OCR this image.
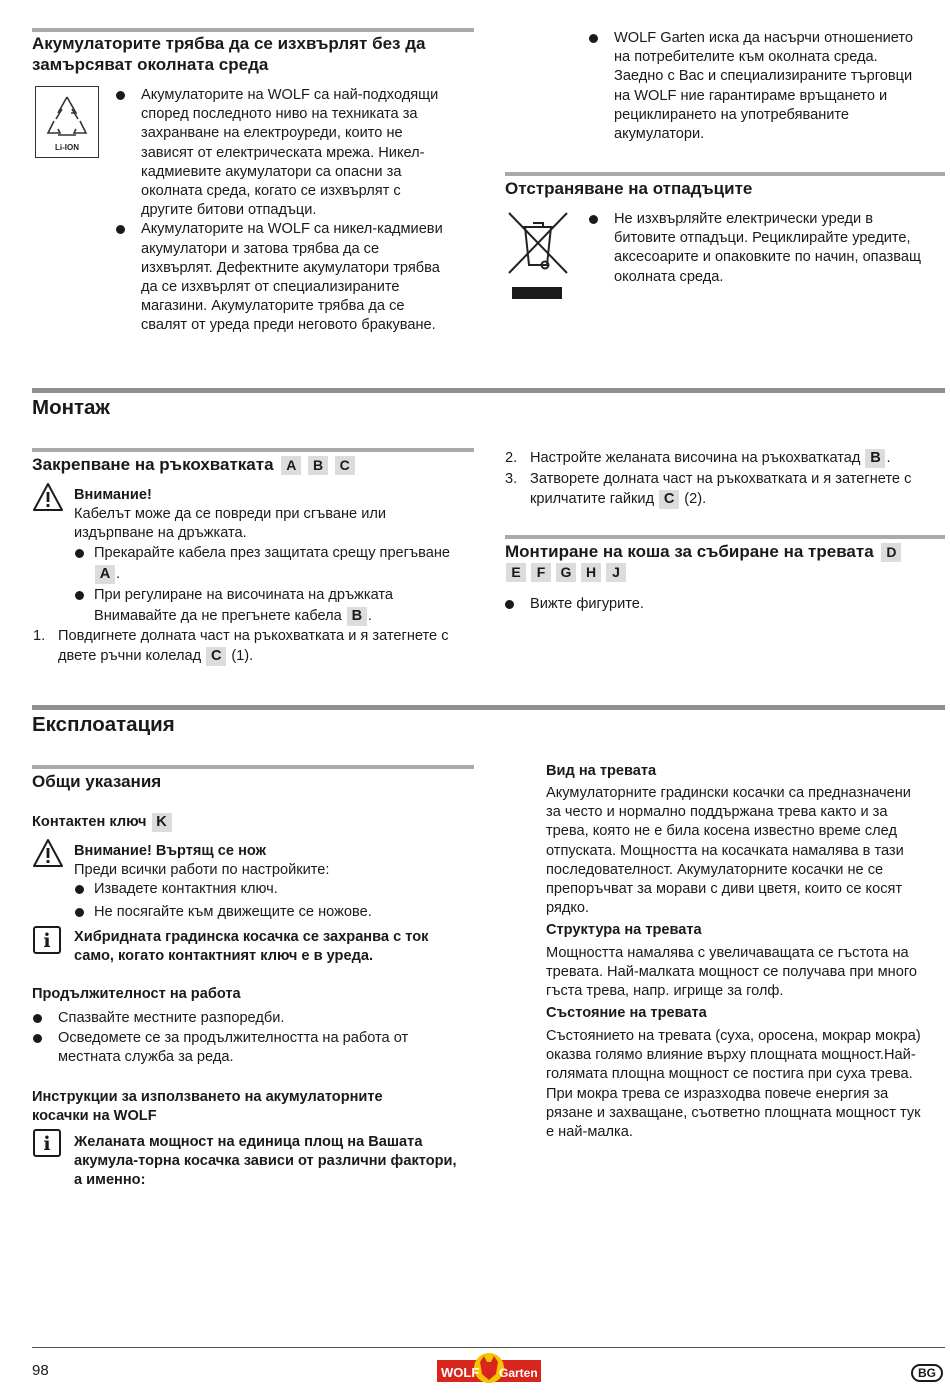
Акумулаторите трябва да се изхвърлят без да
замърсяват околната среда
Li-ION
Акумулаторите на WOLF са най-подходящи
според последното ниво на техниката за
захранване на електроуреди, които не
зависят от електрическата мрежа. Никел-
кадмиевите акумулатори са опасни за
околната среда, когато се изхвърлят с
другите битови отпадъци.
Акумулаторите на WOLF са никел-кадмиеви
акумулатори и затова трябва да се
изхвърлят. Дефектните акумулатори трябва
да се изхвърлят от специализираните
магазини. Акумулаторите трябва да се
свалят от уреда преди неговото бракуване.
WOLF Garten иска да насърчи отношението
на потребителите към околната среда.
Заедно с Вас и специализираните търговци
на WOLF ние гарантираме връщането и
рециклирането на употребяваните
акумулатори.
Отстраняване на отпадъците
Не изхвърляйте електрически уреди в
битовите отпадъци. Рециклирайте уредите,
аксесоарите и опаковките по начин, опазващ
околната среда.
Монтаж
Закрепване на ръкохватката A B C
Внимание!
Кабелът може да се повреди при сгъване или
издърпване на дръжката.
Прекарайте кабела през защитата срещу прегъване
A .
При регулиране на височината на дръжката
Внимавайте да не прегънете кабела B .
1. Повдигнете долната част на ръкохватката и я затегнете с
двете ръчни колелад C (1).
2. Настройте желаната височина на ръкохваткатад B .
3. Затворете долната част на ръкохватката и я затегнете с
крилчатите гайкид C (2).
Монтиране на коша за събиране на тревата D
E F G H J
Вижте фигурите.
Експлоатация
Общи указания
Контактен ключ K
Внимание! Въртящ се нож
Преди всички работи по настройките:
Извадете контактния ключ.
Не посягайте към движещите се ножове.
i	Хибридната градинска косачка се захранва с ток
само, когато контактният ключ е в уреда.
Продължителност на работа
Спазвайте местните разпоредби.
Осведомете се за продължителността на работа от
местната служба за реда.
Инструкции за използването на акумулаторните
косачки на WOLF
i	Желаната мощност на единица площ на Вашата
акумула-торна косачка зависи от различни фактори,
а именно:
Вид на тревата
Акумулаторните градински косачки са предназначени
за често и нормално поддържана трева както и за
трева, която не е била косена известно време след
отпуската. Мощността на косачката намалява в тази
последователност. Акумулаторните косачки не се
препоръчват за морави с диви цветя, които се косят
рядко.
Структура на тревата
Мощността намалява с увеличаващата се гъстота на
тревата. Най-малката мощност се получава при много
гъста трева, напр. игрище за голф.
Състояние на тревата
Състоянието на тревата (суха, оросена, мокрар мокра)
оказва голямо влияние върху площната мощност.Най-
голямата площна мощност се постига при суха трева.
При мокра трева се изразходва повече енергия за
рязане и захващане, съответно площната мощност тук
е най-малка.
98	WOLF Garten	BG
